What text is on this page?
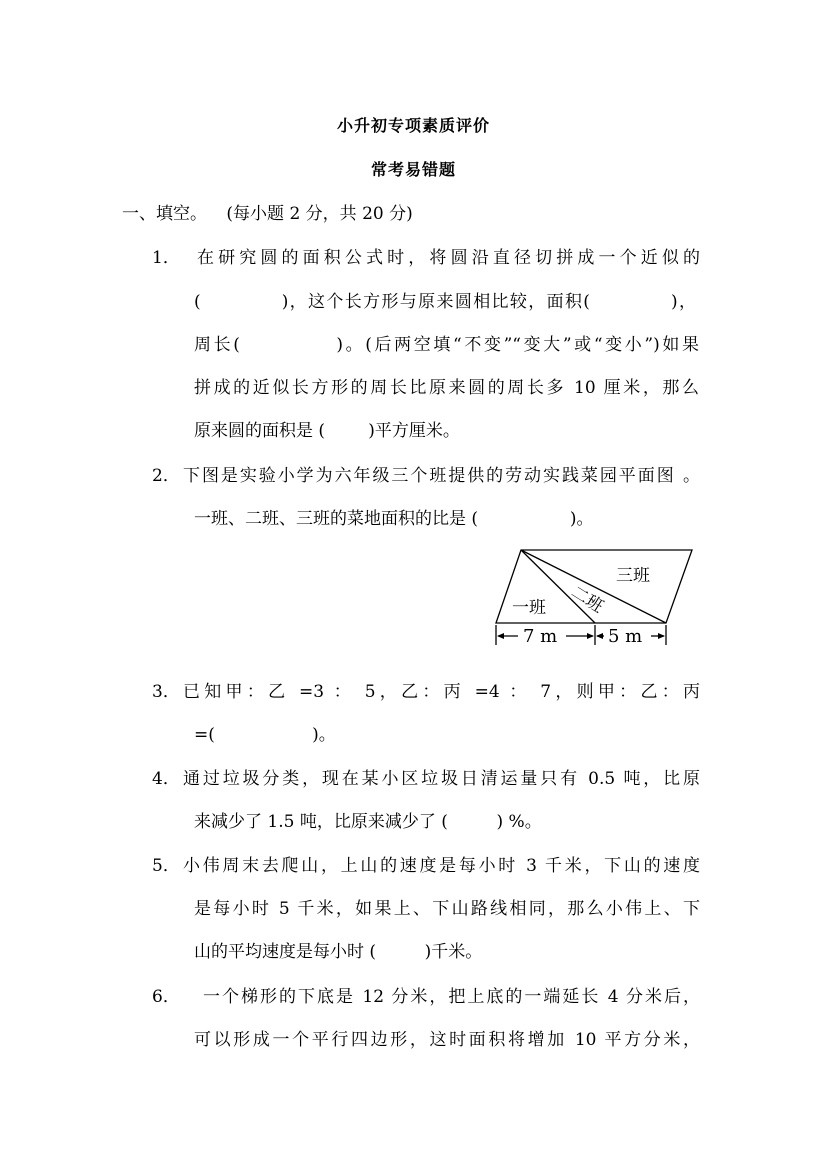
小升初专项素质评价
常考易错题
一、填空。 (每小题 2 分，共 20 分)
1． 在研究圆的面积公式时，将圆沿直径切拼成一个近似的
(            )，这个长方形与原来圆相比较，面积(            )，
周长(            )。(后两空填“不变”“变大”或“变小”)如果
拼成的近似长方形的周长比原来圆的周长多 10 厘米，那么
原来圆的面积是 (        )平方厘米。
2． 下图是实验小学为六年级三个班提供的劳动实践菜园平面图 。
一班、二班、三班的菜地面积的比是 (                 )。
一班 二班
三班
7 m	5 m
3． 已知甲：乙 =3 ： 5，乙：丙 =4 ： 7，则甲：乙：丙
=(                  )。
4． 通过垃圾分类，现在某小区垃圾日清运量只有 0.5 吨，比原
来减少了 1.5 吨，比原来减少了 (         ) %。
5． 小伟周末去爬山，上山的速度是每小时 3 千米，下山的速度
是每小时 5 千米，如果上、下山路线相同，那么小伟上、下
山的平均速度是每小时 (         )千米。
6． 一个梯形的下底是 12 分米，把上底的一端延长 4 分米后，
可以形成一个平行四边形，这时面积将增加 10 平方分米，
